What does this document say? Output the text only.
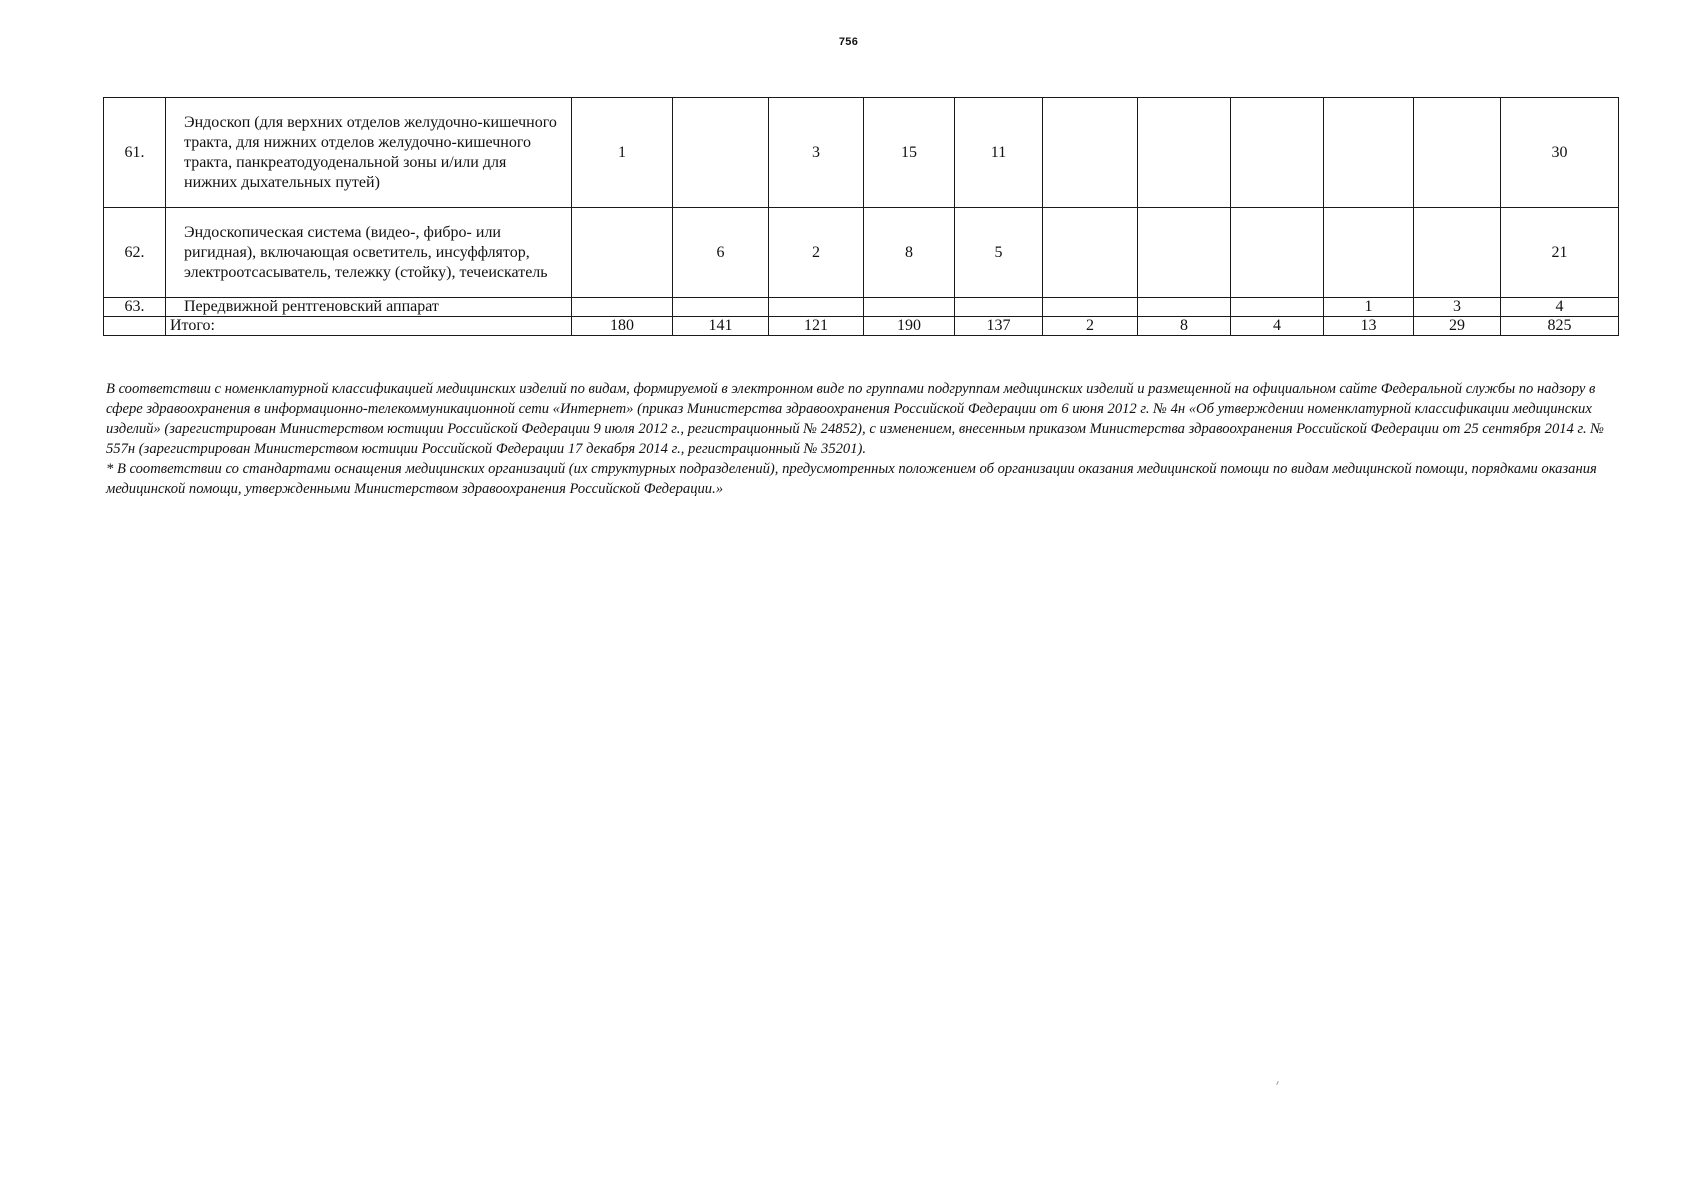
756
61.	Эндоскоп (для верхних отделов желудочно-кишечного тракта, для нижних отделов желудочно-кишечного тракта, панкреатодуоденальной зоны и/или для нижних дыхательных путей)	1		3	15	11						30
62.	Эндоскопическая система (видео-, фибро- или ригидная), включающая осветитель, инсуффлятор, электроотсасыватель, тележку (стойку), течеискатель		6	2	8	5						21
63.	Передвижной рентгеновский аппарат									1	3	4
	Итого:	180	141	121	190	137	2	8	4	13	29	825

В соответствии с номенклатурной классификацией медицинских изделий по видам, формируемой в электронном виде по группами подгруппам медицинских изделий и размещенной на официальном сайте Федеральной службы по надзору в сфере здравоохранения в информационно-телекоммуникационной сети «Интернет» (приказ Министерства здравоохранения Российской Федерации от 6 июня 2012 г. № 4н «Об утверждении номенклатурной классификации медицинских изделий» (зарегистрирован Министерством юстиции Российской Федерации 9 июля 2012 г., регистрационный № 24852), с изменением, внесенным приказом Министерства здравоохранения Российской Федерации от 25 сентября 2014 г. № 557н (зарегистрирован Министерством юстиции Российской Федерации 17 декабря 2014 г., регистрационный № 35201).

* В соответствии со стандартами оснащения медицинских организаций (их структурных подразделений), предусмотренных положением об организации оказания медицинской помощи по видам медицинской помощи, порядками оказания медицинской помощи, утвержденными Министерством здравоохранения Российской Федерации.»
